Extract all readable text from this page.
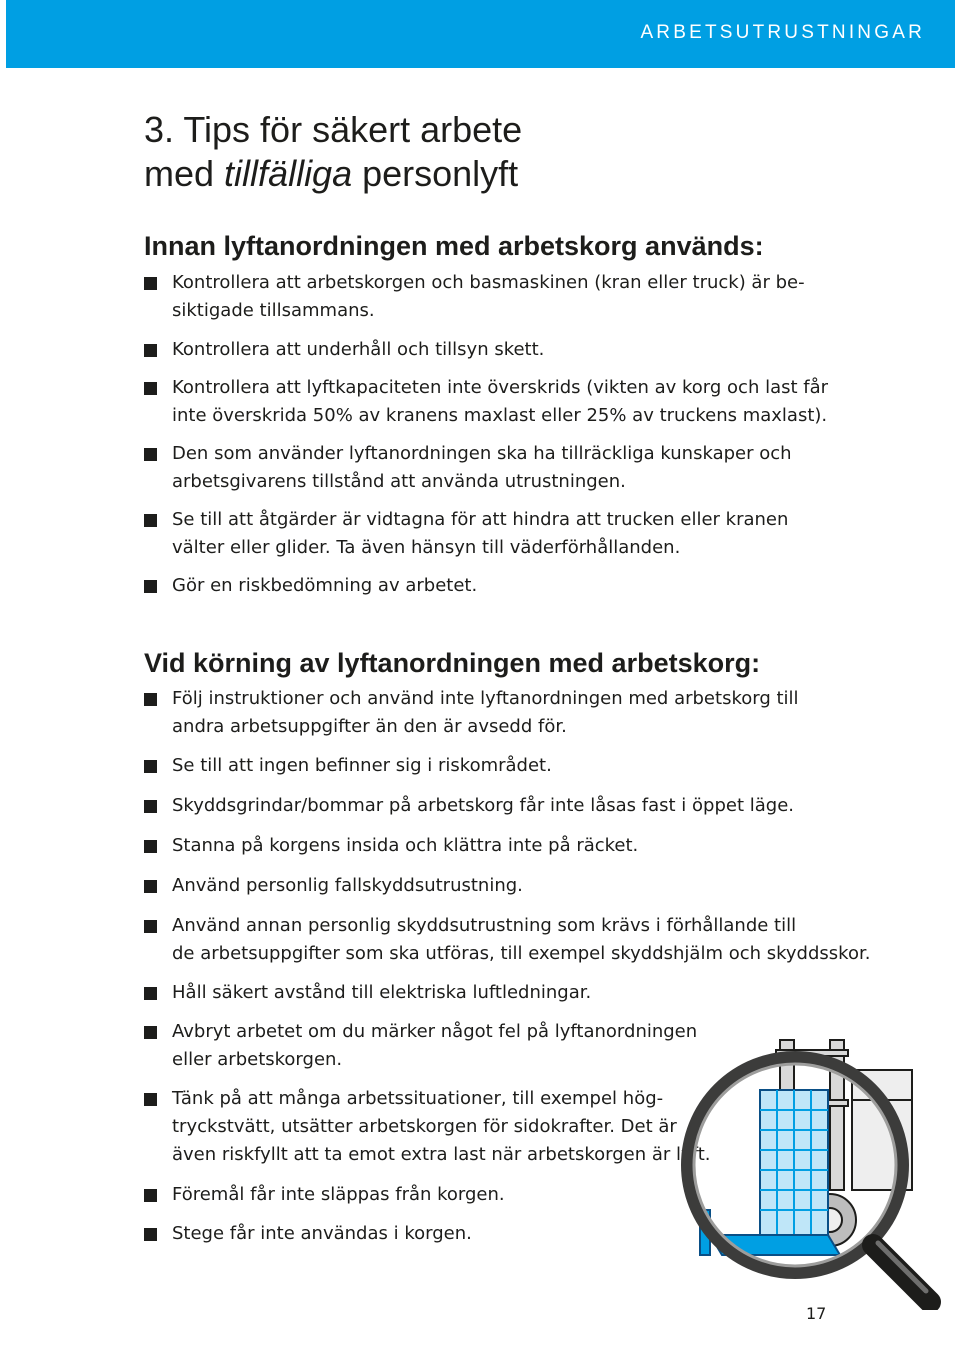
ARBETSUTRUSTNINGAR
3. Tips för säkert arbete
med tillfälliga personlyft
Innan lyftanordningen med arbetskorg används:
Kontrollera att arbetskorgen och basmaskinen (kran eller truck) är be-
siktigade tillsammans.
Kontrollera att underhåll och tillsyn skett.
Kontrollera att lyftkapaciteten inte överskrids (vikten av korg och last får
inte överskrida 50% av kranens maxlast eller 25% av truckens maxlast).
Den som använder lyftanordningen ska ha tillräckliga kunskaper och
arbetsgivarens tillstånd att använda utrustningen.
Se till att åtgärder är vidtagna för att hindra att trucken eller kranen
välter eller glider. Ta även hänsyn till väderförhållanden.
Gör en riskbedömning av arbetet.
Vid körning av lyftanordningen med arbetskorg:
Följ instruktioner och använd inte lyftanordningen med arbetskorg till
andra arbetsuppgifter än den är avsedd för.
Se till att ingen befinner sig i riskområdet.
Skyddsgrindar/bommar på arbetskorg får inte låsas fast i öppet läge.
Stanna på korgens insida och klättra inte på räcket.
Använd personlig fallskyddsutrustning.
Använd annan personlig skyddsutrustning som krävs i förhållande till
de arbetsuppgifter som ska utföras, till exempel skyddshjälm och skyddsskor.
Håll säkert avstånd till elektriska luftledningar.
Avbryt arbetet om du märker något fel på lyftanordningen
eller arbetskorgen.
Tänk på att många arbetssituationer, till exempel hög-
tryckstvätt, utsätter arbetskorgen för sidokrafter. Det är
även riskfyllt att ta emot extra last när arbetskorgen är lyft.
Föremål får inte släppas från korgen.
Stege får inte användas i korgen.
17
